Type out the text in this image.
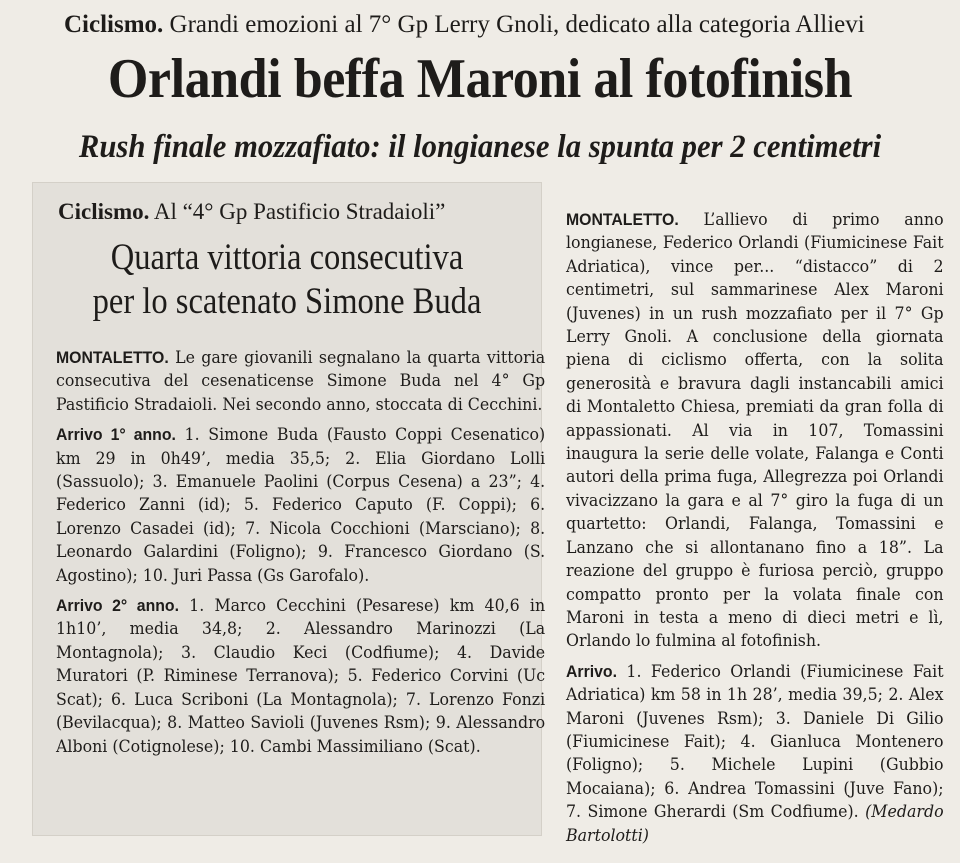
Ciclismo. Grandi emozioni al 7° Gp Lerry Gnoli, dedicato alla categoria Allievi
Orlandi beffa Maroni al fotofinish
Rush finale mozzafiato: il longianese la spunta per 2 centimetri
Ciclismo. Al “4° Gp Pastificio Stradaioli”
Quarta vittoria consecutiva
per lo scatenato Simone Buda

MONTALETTO. Le gare giovanili segnalano la quarta vittoria consecutiva del cesenaticense Simone Buda nel 4° Gp Pastificio Stradaioli. Nei secondo anno, stoccata di Cecchini.

Arrivo 1° anno. 1. Simone Buda (Fausto Coppi Cesenatico) km 29 in 0h49’, media 35,5; 2. Elia Giordano Lolli (Sassuolo); 3. Emanuele Paolini (Corpus Cesena) a 23”; 4. Federico Zanni (id); 5. Federico Caputo (F. Coppi); 6. Lorenzo Casadei (id); 7. Nicola Cocchioni (Marsciano); 8. Leonardo Galardini (Foligno); 9. Francesco Giordano (S. Agostino); 10. Juri Passa (Gs Garofalo).

Arrivo 2° anno. 1. Marco Cecchini (Pesarese) km 40,6 in 1h10’, media 34,8; 2. Alessandro Marinozzi (La Montagnola); 3. Claudio Keci (Codfiume); 4. Davide Muratori (P. Riminese Terranova); 5. Federico Corvini (Uc Scat); 6. Luca Scriboni (La Montagnola); 7. Lorenzo Fonzi (Bevilacqua); 8. Matteo Savioli (Juvenes Rsm); 9. Alessandro Alboni (Cotignolese); 10. Cambi Massimiliano (Scat).

MONTALETTO. L’allievo di primo anno longianese, Federico Orlandi (Fiumicinese Fait Adriatica), vince per... “distacco” di 2 centimetri, sul sammarinese Alex Maroni (Juvenes) in un rush mozzafiato per il 7° Gp Lerry Gnoli. A conclusione della giornata piena di ciclismo offerta, con la solita generosità e bravura dagli instancabili amici di Montaletto Chiesa, premiati da gran folla di appassionati. Al via in 107, Tomassini inaugura la serie delle volate, Falanga e Conti autori della prima fuga, Allegrezza poi Orlandi vivacizzano la gara e al 7° giro la fuga di un quartetto: Orlandi, Falanga, Tomassini e Lanzano che si allontanano fino a 18”. La reazione del gruppo è furiosa perciò, gruppo compatto pronto per la volata finale con Maroni in testa a meno di dieci metri e lì, Orlando lo fulmina al fotofinish.

Arrivo. 1. Federico Orlandi (Fiumicinese Fait Adriatica) km 58 in 1h 28’, media 39,5; 2. Alex Maroni (Juvenes Rsm); 3. Daniele Di Gilio (Fiumicinese Fait); 4. Gianluca Montenero (Foligno); 5. Michele Lupini (Gubbio Mocaiana); 6. Andrea Tomassini (Juve Fano); 7. Simone Gherardi (Sm Codfiume). (Medardo Bartolotti)
